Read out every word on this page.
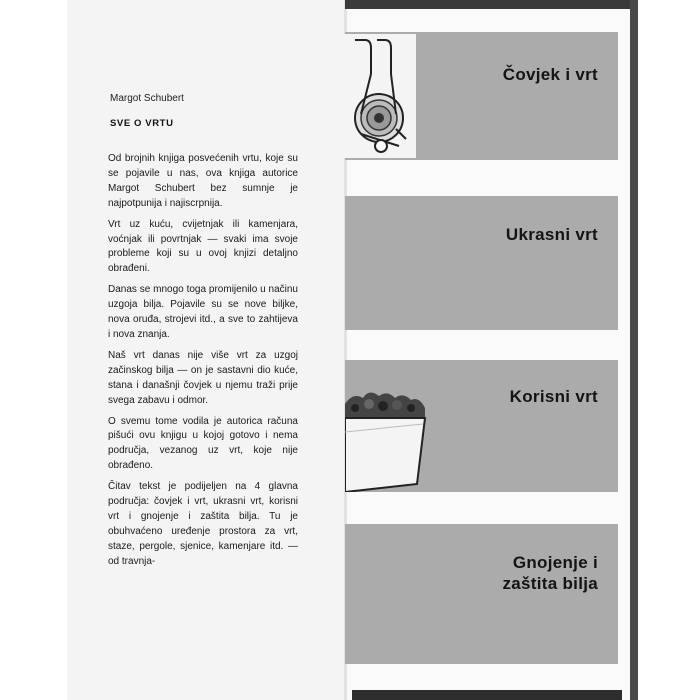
Margot Schubert
SVE O VRTU

Od brojnih knjiga posvećenih vrtu, koje su se pojavile u nas, ova knjiga autorice Margot Schubert bez sumnje je najpotpunija i najiscrpnija.

Vrt uz kuću, cvijetnjak ili kamenjara, voćnjak ili povrtnjak — svaki ima svoje probleme koji su u ovoj knjizi detaljno obrađeni.

Danas se mnogo toga promijenilo u načinu uzgoja bilja. Pojavile su se nove biljke, nova oruđa, strojevi itd., a sve to zahtijeva i nova znanja.

Naš vrt danas nije više vrt za uzgoj začinskog bilja — on je sastavni dio kuće, stana i današnji čovjek u njemu traži prije svega zabavu i odmor.

O svemu tome vodila je autorica računa pišući ovu knjigu u kojoj gotovo i nema područja, vezanog uz vrt, koje nije obrađeno.

Čitav tekst je podijeljen na 4 glavna područja: čovjek i vrt, ukrasni vrt, korisni vrt i gnojenje i zaštita bilja. Tu je obuhvaćeno uređenje prostora za vrt, staze, pergole, sjenice, kamenjare itd. — od travnja-

Čovjek i vrt
Ukrasni vrt
Korisni vrt
Gnojenje i
zaštita bilja
